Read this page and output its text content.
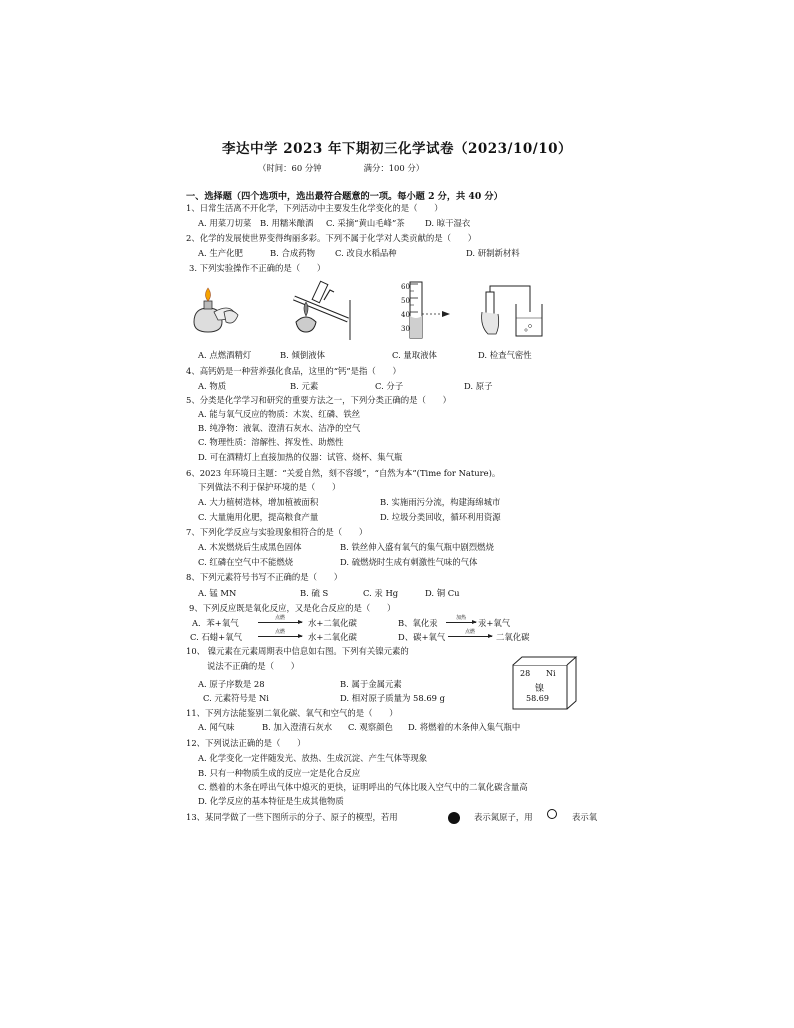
李达中学 2023 年下期初三化学试卷（2023/10/10）
（时间：60 分钟	满分：100 分）
一、选择题（四个选项中，选出最符合题意的一项。每小题 2 分，共 40 分）
1、日常生活离不开化学，下列活动中主要发生化学变化的是（　　）
A. 用菜刀切菜 B. 用糯米酿酒 C. 采摘“黄山毛峰”茶 D. 晾干湿衣
2、化学的发展使世界变得绚丽多彩。下列不属于化学对人类贡献的是（　　）
A. 生产化肥	B. 合成药物 C. 改良水稻品种	D. 研制新材料
3. 下列实验操作不正确的是（　　）
60
50
40
30
A. 点燃酒精灯	B. 倾倒液体	C. 量取液体	D. 检查气密性
4、高钙奶是一种营养强化食品，这里的“钙”是指（　　）
A. 物质	B. 元素	C. 分子	D. 原子
5、分类是化学学习和研究的重要方法之一，下列分类正确的是（　　）
A. 能与氧气反应的物质：木炭、红磷、铁丝
B. 纯净物：液氧、澄清石灰水、洁净的空气
C. 物理性质：溶解性、挥发性、助燃性
D. 可在酒精灯上直接加热的仪器：试管、烧杯、集气瓶
6、2023 年环境日主题：“关爱自然，刻不容缓”，“自然为本”(Time for Nature)。
下列做法不利于保护环境的是（　　）
A. 大力植树造林，增加植被面积	B. 实施雨污分流，构建海绵城市
C. 大量施用化肥，提高粮食产量	D. 垃圾分类回收，循环利用资源
7、下列化学反应与实验现象相符合的是（　　）
A. 木炭燃烧后生成黑色固体	B. 铁丝伸入盛有氧气的集气瓶中剧烈燃烧
C. 红磷在空气中不能燃烧	D. 硫燃烧时生成有刺激性气味的气体
8、下列元素符号书写不正确的是（　　）
A. 锰 MN	B. 硫 S	C. 汞 Hg	D. 铜 Cu
9、下列反应既是氧化反应，又是化合反应的是（　　）
A．苯+氧气	点燃	水+二氧化碳	B、氧化汞	加热	汞+氧气
C. 石蜡+氧气	点燃	水+二氧化碳	D、碳+氧气	点燃	二氧化碳
10、 镍元素在元素周期表中信息如右图。下列有关镍元素的
说法不正确的是（　　）
A. 原子序数是 28	B. 属于金属元素
C. 元素符号是 Ni	D. 相对原子质量为 58.69 g
28 Ni
镍
58.69
11、下列方法能鉴别二氧化碳、氧气和空气的是（　　）
A. 闻气味	B. 加入澄清石灰水 C. 观察颜色 D. 将燃着的木条伸入集气瓶中
12、下列说法正确的是（　　）
A. 化学变化一定伴随发光、放热、生成沉淀、产生气体等现象
B. 只有一种物质生成的反应一定是化合反应
C. 燃着的木条在呼出气体中熄灭的更快，证明呼出的气体比吸入空气中的二氧化碳含量高
D. 化学反应的基本特征是生成其他物质
13、某同学做了一些下图所示的分子、原子的模型，若用	表示氮原子，用	表示氧
